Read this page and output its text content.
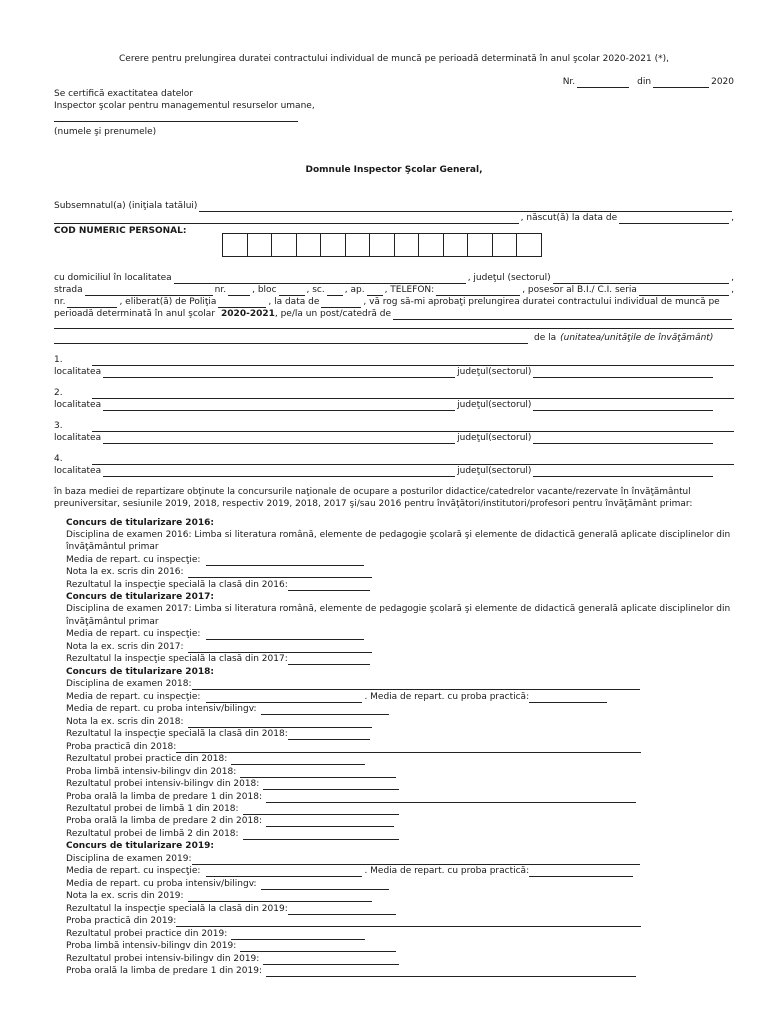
Cerere pentru prelungirea duratei contractului individual de muncă pe perioadă determinată în anul şcolar 2020-2021 (*),
Nr.	din	2020
Se certifică exactitatea datelor
Inspector şcolar pentru managementul resurselor umane,
(numele şi prenumele)
Domnule Inspector Şcolar General,
Subsemnatul(a) (iniţiala tatălui)
, născut(ă) la data de	,
COD NUMERIC PERSONAL:
cu domiciliul în localitatea	, judeţul (sectorul)	,
strada	nr.	, bloc	, sc. , ap. , TELEFON:	, posesor al B.I./ C.I. seria	,
nr.	, eliberat(ă) de Poliţia	, la data de	, vă rog să-mi aprobaţi prelungirea duratei contractului individual de muncă pe
perioadă determinată în anul şcolar 2020-2021 , pe/la un post/catedră de
de la (unitatea/unităţile de învăţământ)
1.
localitatea	judeţul(sectorul)
2.
localitatea	judeţul(sectorul)
3.
localitatea	judeţul(sectorul)
4.
localitatea	judeţul(sectorul)
în baza mediei de repartizare obţinute la concursurile naţionale de ocupare a posturilor didactice/catedrelor vacante/rezervate în învăţământul
preuniversitar, sesiunile 2019, 2018, respectiv 2019, 2018, 2017 şi/sau 2016 pentru învăţători/institutori/profesori pentru învăţământ primar:
Concurs de titularizare 2016:
Disciplina de examen 2016: Limba si literatura română, elemente de pedagogie şcolară şi elemente de didactică generală aplicate disciplinelor din
învăţământul primar
Media de repart. cu inspecţie:
Nota la ex. scris din 2016:
Rezultatul la inspecţie specială la clasă din 2016:
Concurs de titularizare 2017:
Disciplina de examen 2017: Limba si literatura română, elemente de pedagogie şcolară şi elemente de didactică generală aplicate disciplinelor din
învăţământul primar
Media de repart. cu inspecţie:
Nota la ex. scris din 2017:
Rezultatul la inspecţie specială la clasă din 2017:
Concurs de titularizare 2018:
Disciplina de examen 2018:
Media de repart. cu inspecţie:	. Media de repart. cu proba practică:
Media de repart. cu proba intensiv/bilingv:
Nota la ex. scris din 2018:
Rezultatul la inspecţie specială la clasă din 2018:
Proba practică din 2018:
Rezultatul probei practice din 2018:
Proba limbă intensiv-bilingv din 2018:
Rezultatul probei intensiv-bilingv din 2018:
Proba orală la limba de predare 1 din 2018:
Rezultatul probei de limbă 1 din 2018:
Proba orală la limba de predare 2 din 2018:
Rezultatul probei de limbă 2 din 2018:
Concurs de titularizare 2019:
Disciplina de examen 2019:
Media de repart. cu inspecţie:	. Media de repart. cu proba practică:
Media de repart. cu proba intensiv/bilingv:
Nota la ex. scris din 2019:
Rezultatul la inspecţie specială la clasă din 2019:
Proba practică din 2019:
Rezultatul probei practice din 2019:
Proba limbă intensiv-bilingv din 2019:
Rezultatul probei intensiv-bilingv din 2019:
Proba orală la limba de predare 1 din 2019:
